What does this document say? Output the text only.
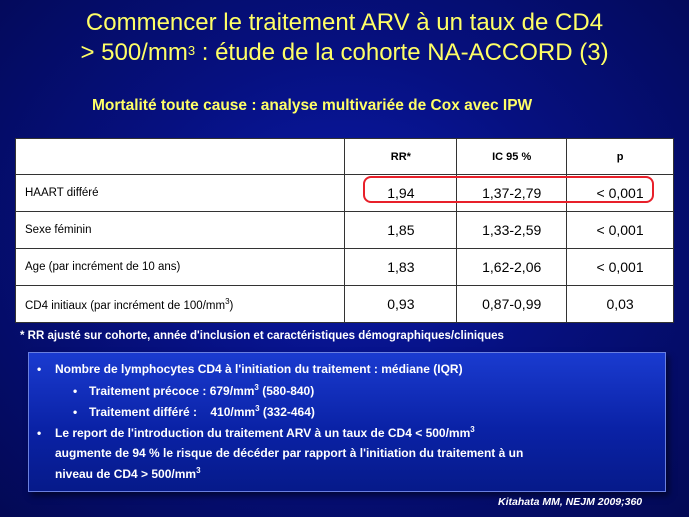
Commencer le traitement ARV à un taux de CD4
> $500/mm^3$ : étude de la cohorte NA-ACCORD (3)
Mortalité toute cause : analyse multivariée de Cox avec IPW
	RR*	IC 95 %	p
HAART différé	1,94	1,37-2,79	< 0,001
Sexe féminin	1,85	1,33-2,59	< 0,001
Age (par incrément de 10 ans)	1,83	1,62-2,06	< 0,001
CD4 initiaux (par incrément de $100/mm^3$)	0,93	0,87-0,99	0,03
* RR ajusté sur cohorte, année d'inclusion et caractéristiques démographiques/cliniques
• Nombre de lymphocytes CD4 à l'initiation du traitement : médiane (IQR)
• Traitement précoce : $679/mm^3$ (580-840)
• Traitement différé :    $410/mm^3$ (332-464)
• Le report de l'introduction du traitement ARV à un taux de $CD4 < 500/mm^3$
augmente de 94 % le risque de décéder par rapport à l'initiation du traitement à un
niveau de $CD4 > 500/mm^3$
Kitahata MM, NEJM 2009;360
